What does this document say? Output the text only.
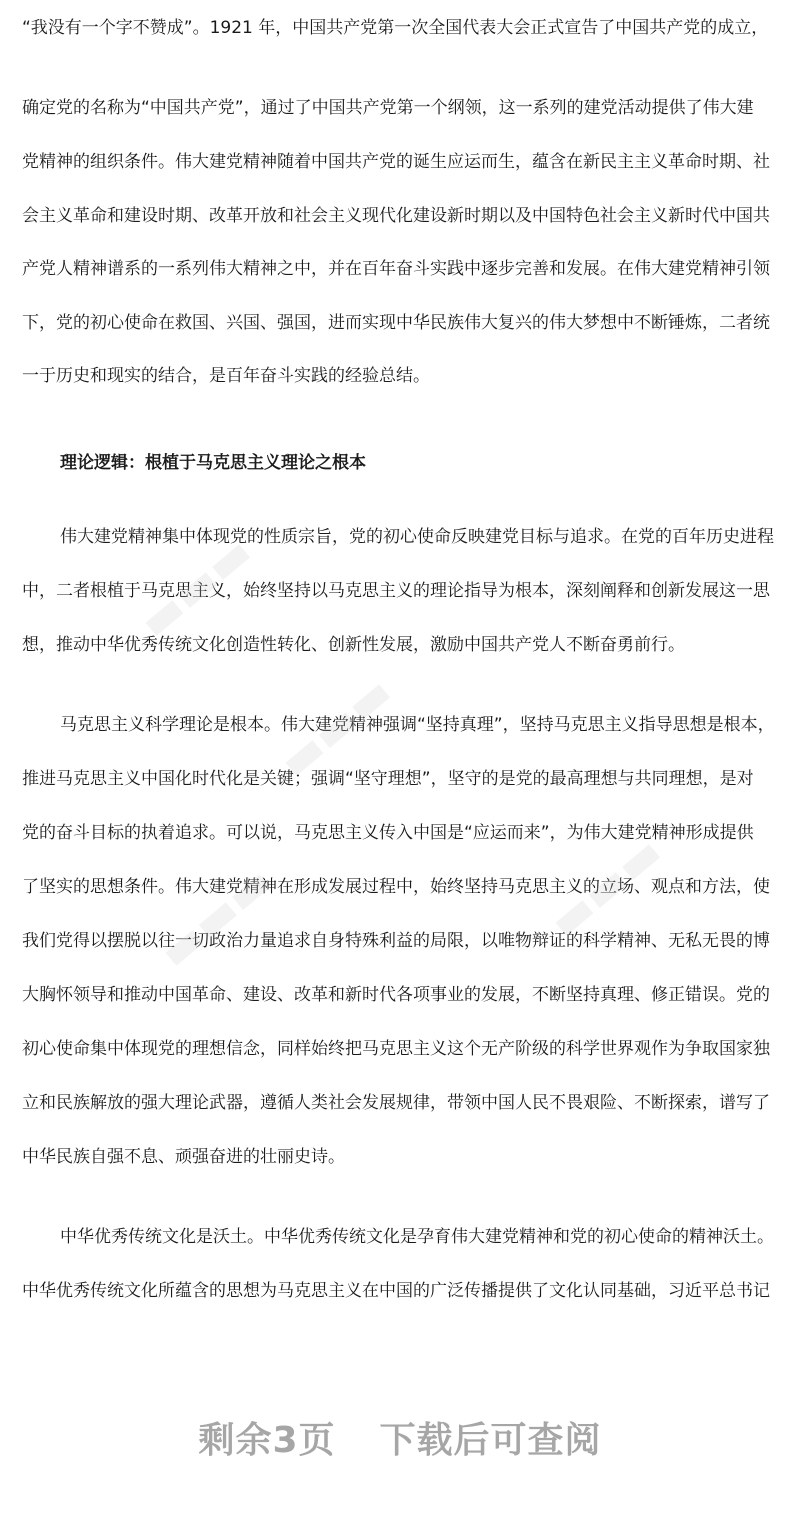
“我没有一个字不赞成”。1921 年，中国共产党第一次全国代表大会正式宣告了中国共产党的成立，
确定党的名称为“中国共产党”，通过了中国共产党第一个纲领，这一系列的建党活动提供了伟大建
党精神的组织条件。伟大建党精神随着中国共产党的诞生应运而生，蕴含在新民主主义革命时期、社
会主义革命和建设时期、改革开放和社会主义现代化建设新时期以及中国特色社会主义新时代中国共
产党人精神谱系的一系列伟大精神之中，并在百年奋斗实践中逐步完善和发展。在伟大建党精神引领
下，党的初心使命在救国、兴国、强国，进而实现中华民族伟大复兴的伟大梦想中不断锤炼，二者统
一于历史和现实的结合，是百年奋斗实践的经验总结。
理论逻辑：根植于马克思主义理论之根本
伟大建党精神集中体现党的性质宗旨，党的初心使命反映建党目标与追求。在党的百年历史进程
中，二者根植于马克思主义，始终坚持以马克思主义的理论指导为根本，深刻阐释和创新发展这一思
想，推动中华优秀传统文化创造性转化、创新性发展，激励中国共产党人不断奋勇前行。
马克思主义科学理论是根本。伟大建党精神强调“坚持真理”，坚持马克思主义指导思想是根本，
推进马克思主义中国化时代化是关键；强调“坚守理想”，坚守的是党的最高理想与共同理想，是对
党的奋斗目标的执着追求。可以说，马克思主义传入中国是“应运而来”，为伟大建党精神形成提供
了坚实的思想条件。伟大建党精神在形成发展过程中，始终坚持马克思主义的立场、观点和方法，使
我们党得以摆脱以往一切政治力量追求自身特殊利益的局限，以唯物辩证的科学精神、无私无畏的博
大胸怀领导和推动中国革命、建设、改革和新时代各项事业的发展，不断坚持真理、修正错误。党的
初心使命集中体现党的理想信念，同样始终把马克思主义这个无产阶级的科学世界观作为争取国家独
立和民族解放的强大理论武器，遵循人类社会发展规律，带领中国人民不畏艰险、不断探索，谱写了
中华民族自强不息、顽强奋进的壮丽史诗。
中华优秀传统文化是沃土。中华优秀传统文化是孕育伟大建党精神和党的初心使命的精神沃土。
中华优秀传统文化所蕴含的思想为马克思主义在中国的广泛传播提供了文化认同基础，习近平总书记
▬▬▬
▬▬▬
▬▬▬	▬▬▬
剩余3页 下载后可查阅
